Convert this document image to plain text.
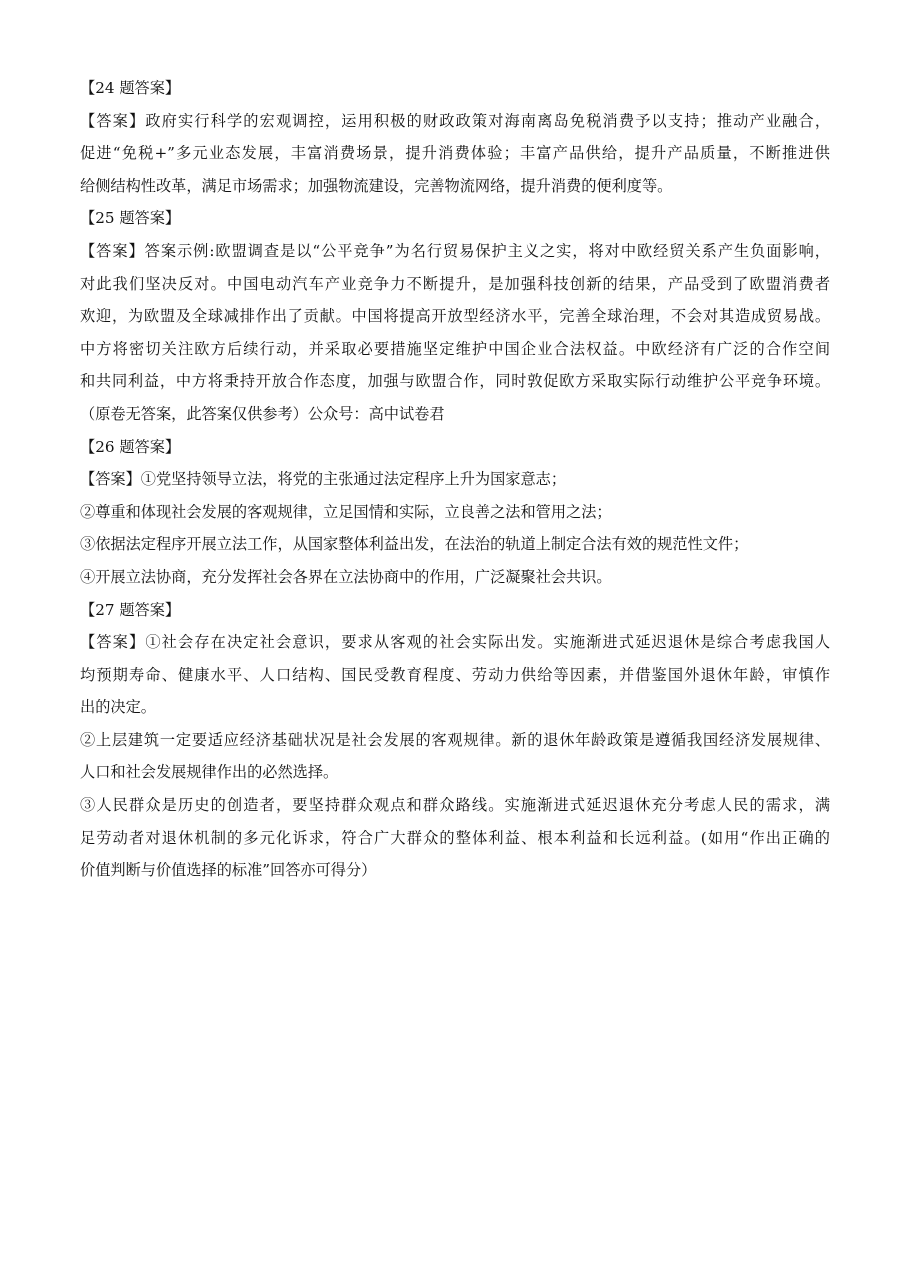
【24 题答案】
【答案】政府实行科学的宏观调控，运用积极的财政政策对海南离岛免税消费予以支持；推动产业融合，
促进“免税+”多元业态发展，丰富消费场景，提升消费体验；丰富产品供给，提升产品质量，不断推进供
给侧结构性改革，满足市场需求；加强物流建设，完善物流网络，提升消费的便利度等。
【25 题答案】
【答案】答案示例:欧盟调查是以“公平竞争”为名行贸易保护主义之实，将对中欧经贸关系产生负面影响，
对此我们坚决反对。中国电动汽车产业竞争力不断提升，是加强科技创新的结果，产品受到了欧盟消费者
欢迎，为欧盟及全球减排作出了贡献。中国将提高开放型经济水平，完善全球治理，不会对其造成贸易战。
中方将密切关注欧方后续行动，并采取必要措施坚定维护中国企业合法权益。中欧经济有广泛的合作空间
和共同利益，中方将秉持开放合作态度，加强与欧盟合作，同时敦促欧方采取实际行动维护公平竞争环境。
（原卷无答案，此答案仅供参考）公众号：高中试卷君
【26 题答案】
【答案】①党坚持领导立法，将党的主张通过法定程序上升为国家意志；
②尊重和体现社会发展的客观规律，立足国情和实际，立良善之法和管用之法；
③依据法定程序开展立法工作，从国家整体利益出发，在法治的轨道上制定合法有效的规范性文件；
④开展立法协商，充分发挥社会各界在立法协商中的作用，广泛凝聚社会共识。
【27 题答案】
【答案】①社会存在决定社会意识，要求从客观的社会实际出发。实施渐进式延迟退休是综合考虑我国人
均预期寿命、健康水平、人口结构、国民受教育程度、劳动力供给等因素，并借鉴国外退休年龄，审慎作
出的决定。
②上层建筑一定要适应经济基础状况是社会发展的客观规律。新的退休年龄政策是遵循我国经济发展规律、
人口和社会发展规律作出的必然选择。
③人民群众是历史的创造者，要坚持群众观点和群众路线。实施渐进式延迟退休充分考虑人民的需求，满
足劳动者对退休机制的多元化诉求，符合广大群众的整体利益、根本利益和长远利益。(如用“作出正确的
价值判断与价值选择的标准”回答亦可得分）
